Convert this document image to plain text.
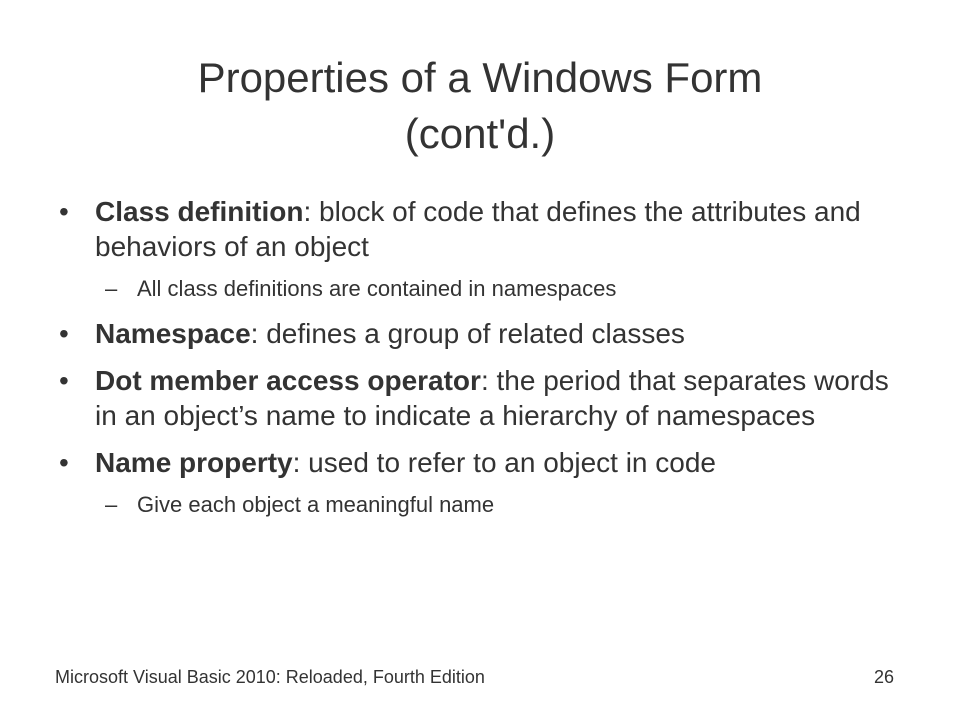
Properties of a Windows Form
(cont'd.)
• Class definition: block of code that defines the attributes and behaviors of an object
– All class definitions are contained in namespaces
• Namespace: defines a group of related classes
• Dot member access operator: the period that separates words in an object’s name to indicate a hierarchy of namespaces
• Name property: used to refer to an object in code
– Give each object a meaningful name
Microsoft Visual Basic 2010: Reloaded, Fourth Edition	26
